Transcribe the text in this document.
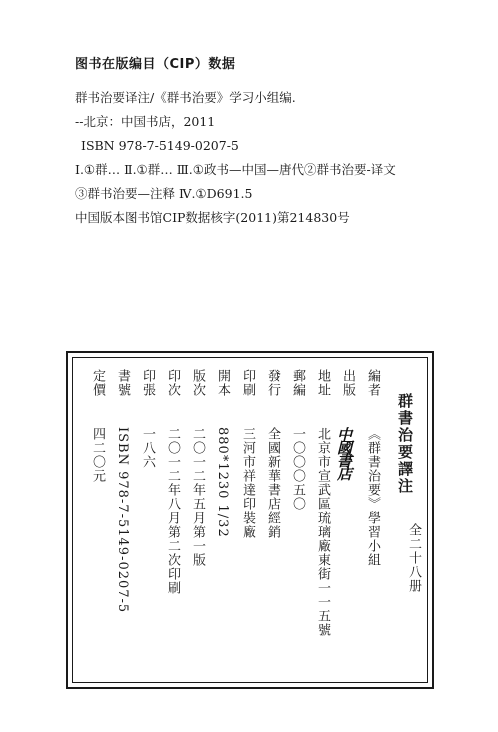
图书在版编目（CIP）数据
群书治要译注/《群书治要》学习小组编.
--北京：中国书店，2011
ISBN 978-7-5149-0207-5
Ⅰ.①群… Ⅱ.①群… Ⅲ.①政书—中国—唐代②群书治要-译文
③群书治要—注释 Ⅳ.①D691.5
中国版本图书馆CIP数据核字(2011)第214830号
群書治要譯注
全二十八册
編者
《群書治要》學習小組
出版
中國書店
地址
北京市宣武區琉璃廠東街一一五號
郵編
一〇〇〇五〇
發行
全國新華書店經銷
印刷
三河市祥達印裝廠
開本
880*1230 1/32
版次
二〇一二年五月第一版
印次
二〇一二年八月第二次印刷
印張
一八六
書號
ISBN 978-7-5149-0207-5
定價
四二〇元
